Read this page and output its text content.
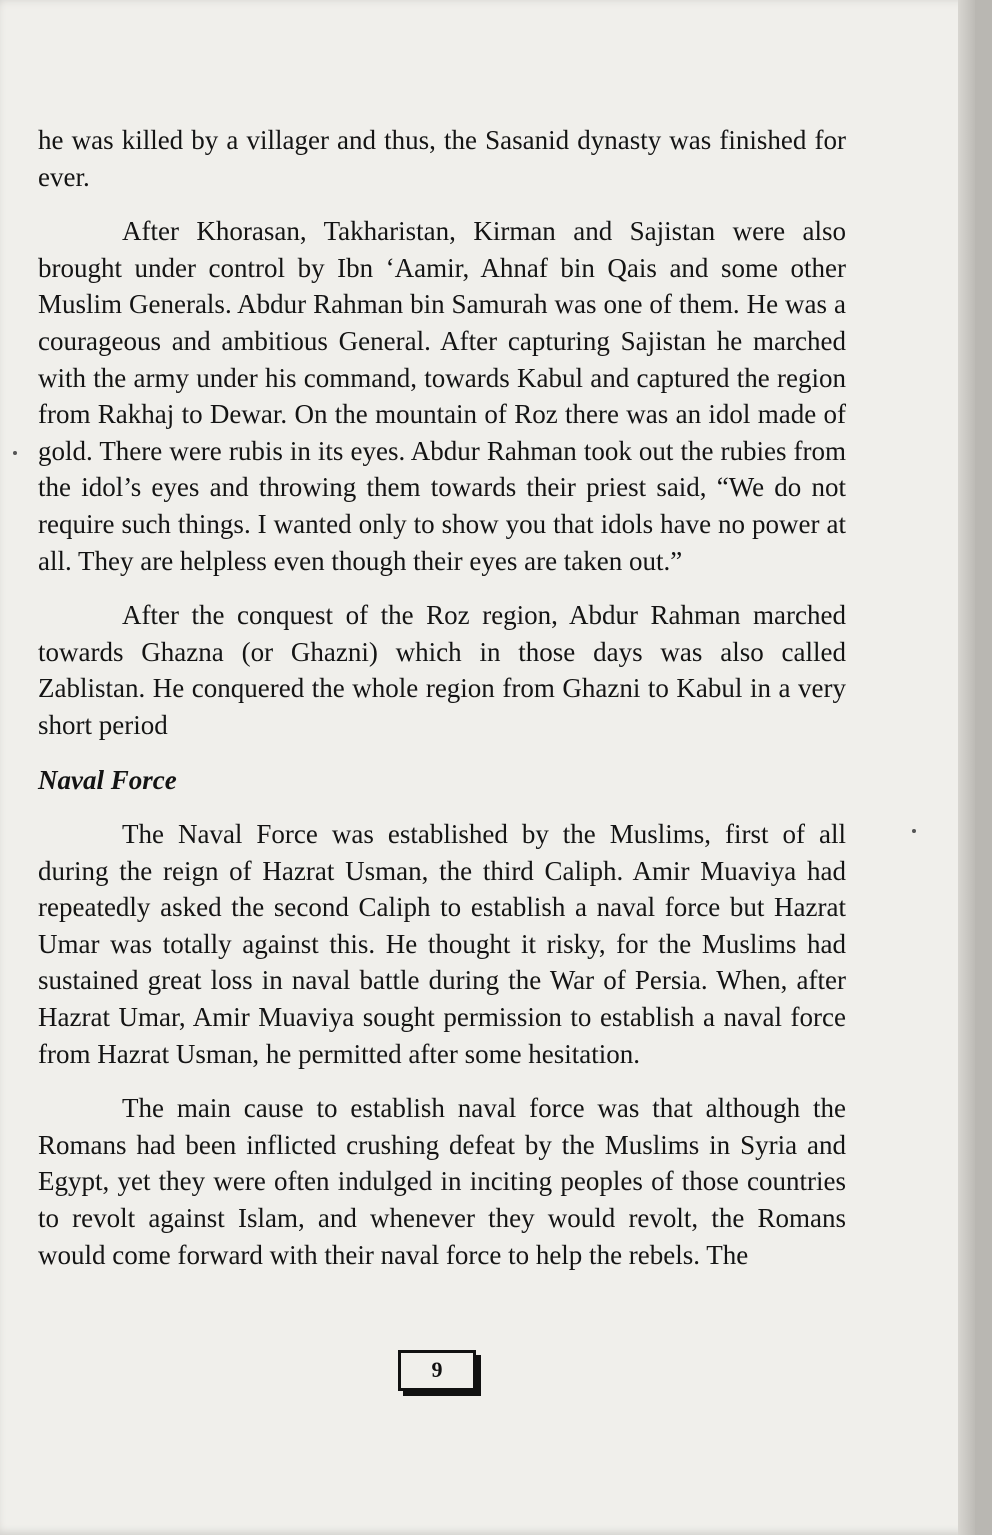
he was killed by a villager and thus, the Sasanid dynasty was finished for ever.

After Khorasan, Takharistan, Kirman and Sajistan were also brought under control by Ibn ‘Aamir, Ahnaf bin Qais and some other Muslim Generals. Abdur Rahman bin Samurah was one of them. He was a courageous and ambitious General. After capturing Sajistan he marched with the army under his command, towards Kabul and captured the region from Rakhaj to Dewar. On the mountain of Roz there was an idol made of gold. There were rubis in its eyes. Abdur Rahman took out the rubies from the idol’s eyes and throwing them towards their priest said, “We do not require such things. I wanted only to show you that idols have no power at all. They are helpless even though their eyes are taken out.”

After the conquest of the Roz region, Abdur Rahman marched towards Ghazna (or Ghazni) which in those days was also called Zablistan. He conquered the whole region from Ghazni to Kabul in a very short period

Naval Force

The Naval Force was established by the Muslims, first of all during the reign of Hazrat Usman, the third Caliph. Amir Muaviya had repeatedly asked the second Caliph to establish a naval force but Hazrat Umar was totally against this. He thought it risky, for the Muslims had sustained great loss in naval battle during the War of Persia. When, after Hazrat Umar, Amir Muaviya sought permission to establish a naval force from Hazrat Usman, he permitted after some hesitation.

The main cause to establish naval force was that although the Romans had been inflicted crushing defeat by the Muslims in Syria and Egypt, yet they were often indulged in inciting peoples of those countries to revolt against Islam, and whenever they would revolt, the Romans would come forward with their naval force to help the rebels. The

9
